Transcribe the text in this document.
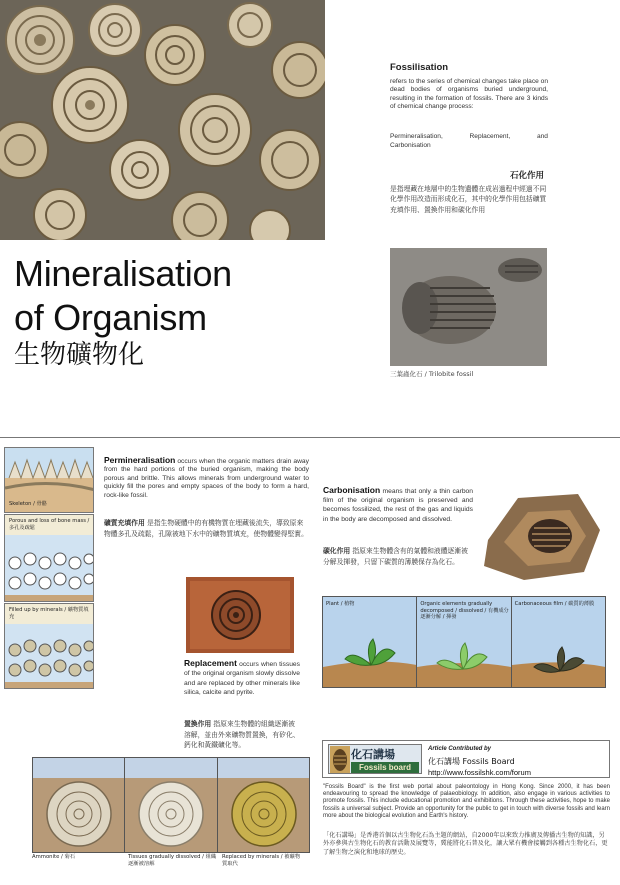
Mineralisation
of Organism
生物礦物化
Fossilisation
refers to the series of chemical changes take place on dead bodies of organisms buried underground, resulting in the formation of fossils. There are 3 kinds of chemical change process:
Permineralisation,	Replacement,	and
Carbonisation
石化作用
是指埋藏在地層中的生物遺體在成岩過程中經過不同化學作用改造而形成化石，其中的化學作用包括礦質充填作用、置換作用和碳化作用
三葉蟲化石 / Trilobite fossil
Skeleton / 骨骼
Porous and loss of bone mass / 多孔及疏鬆
Filled up by minerals / 礦物質填充
Permineralisation occurs when the organic matters drain away from the hard portions of the buried organism, making the body porous and brittle. This allows minerals from underground water to quickly fill the pores and empty spaces of the body to form a hard, rock-like fossil.
礦質充填作用 是指生物硬體中的有機物質在埋藏後流失，導致原來物體多孔及疏鬆，孔隙被地下水中的礦物質填充，使物體變得堅實。
Carbonisation means that only a thin carbon film of the original organism is preserved and becomes fossilized, the rest of the gas and liquids in the body are decomposed and dissolved.
碳化作用 指原來生物體含有的氣體和液體逐漸被分解及揮發，只留下碳質的薄膜保存為化石。
Plant / 植物	Organic elements gradually decomposed / dissolved / 有機成分逐漸分解 / 揮發
Carbonaceous film / 碳質的薄膜
Replacement occurs when tissues of the original organism slowly dissolve and are replaced by other minerals like silica, calcite and pyrite.
置換作用 指原來生物體的組織逐漸被溶解，並由外來礦物質置換，有矽化、鈣化和黃鐵礦化等。
Ammonite / 菊石	Tissues gradually dissolved / 組織逐漸被溶解
Replaced by minerals / 被礦物質取代
化石講場
Fossils board
Article Contributed by
化石講場 Fossils Board
http://www.fossilshk.com/forum
"Fossils Board" is the first web portal about paleontology in Hong Kong. Since 2000, it has been endeavouring to spread the knowledge of palaeobiology. In addition, also engage in various activities to promote fossils. This include educational promotion and exhibitions. Through these activities, hope to make fossils a universal subject. Provide an opportunity for the public to get in touch with diverse fossils and learn more about the biological evolution and Earth's history.
「化石講場」是香港首個以古生物化石為主題的網站，自2000年以來致力推廣及傳播古生物的知識，另外亦參與古生物化石的教育活動及展覽等，冀能將化石普及化，讓大眾有機會接觸到各種古生物化石，更了解生物之演化和地球的歷史。
